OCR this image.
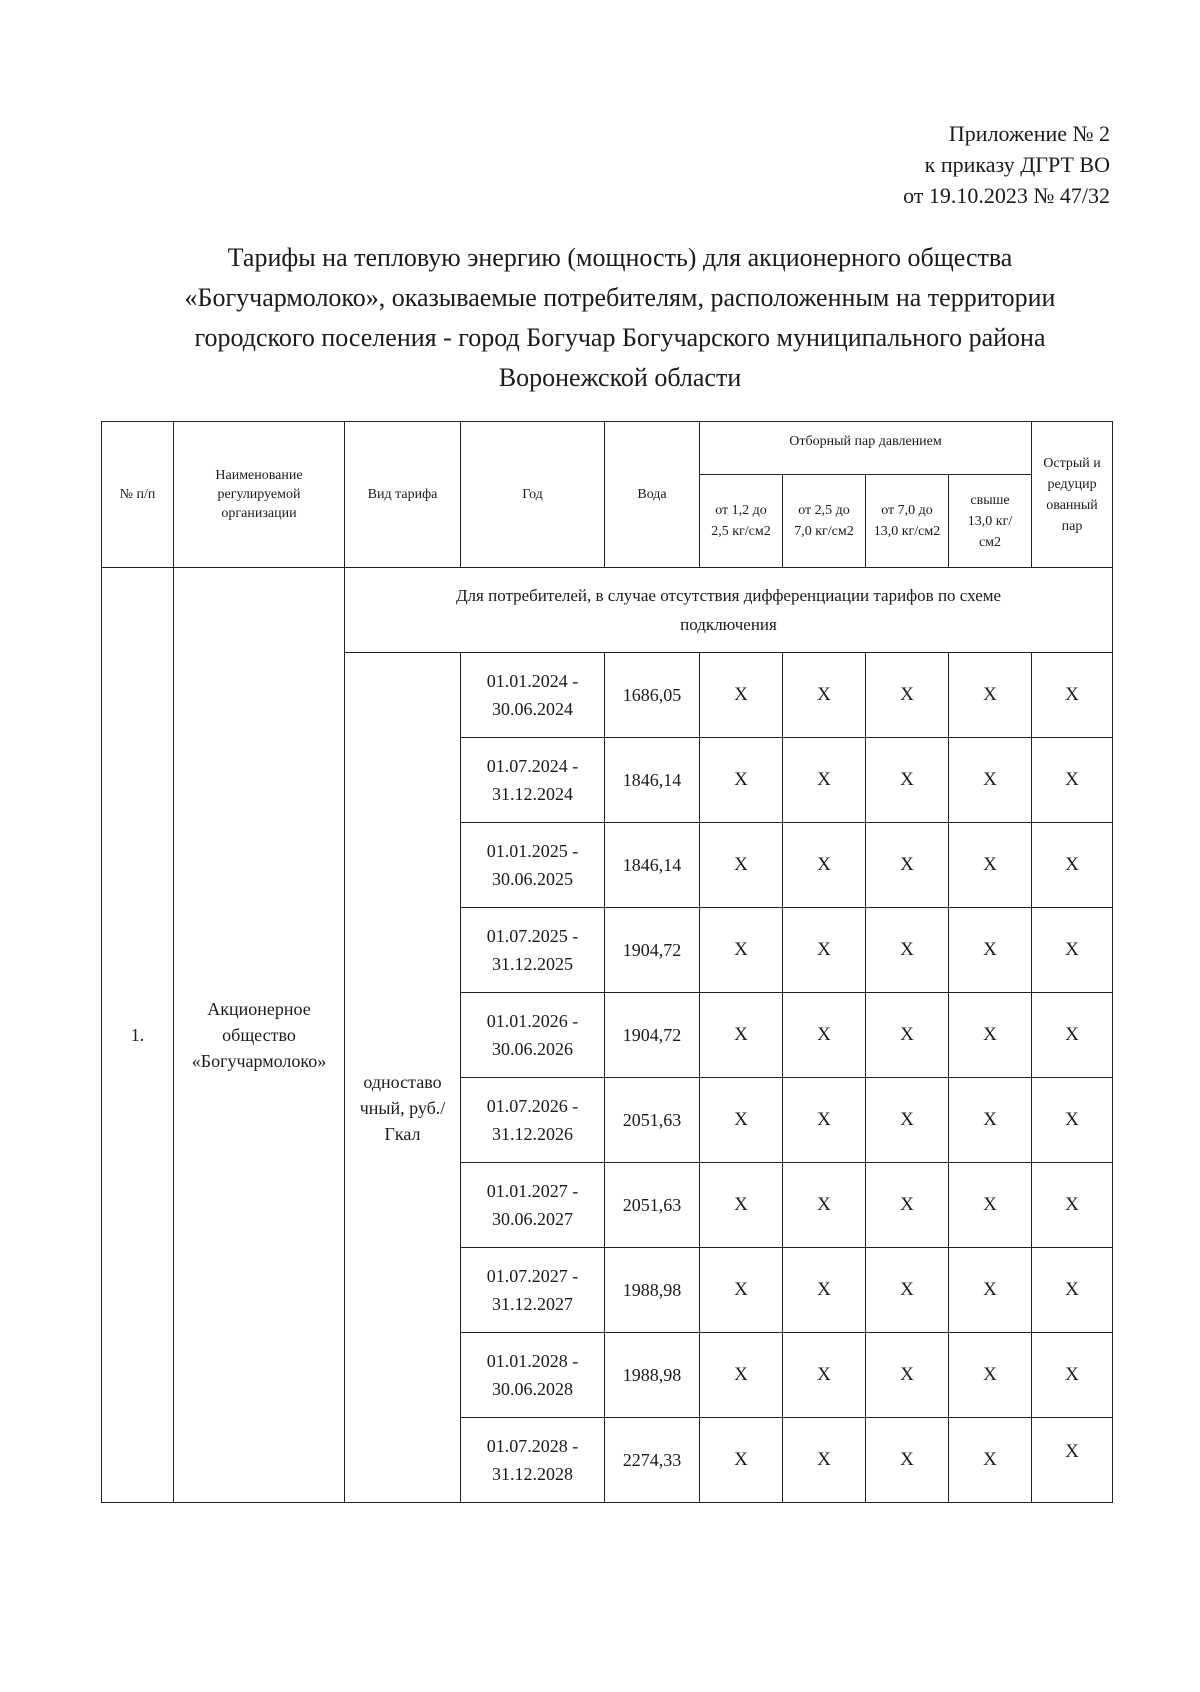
Приложение № 2
к приказу ДГРТ ВО
от 19.10.2023 № 47/32
Тарифы на тепловую энергию (мощность) для акционерного общества
«Богучармолоко», оказываемые потребителям, расположенным на территории
городского поселения - город Богучар Богучарского муниципального района
Воронежской области
№ п/п	Наименование регулируемой организации	Вид тарифа	Год	Вода	Отборный пар давлением				Острый и редуцир ованный пар
					от 1,2 до 2,5 кг/см2	от 2,5 до 7,0 кг/см2	от 7,0 до 13,0 кг/см2	свыше 13,0 кг/см2	
1.	Акционерное общество «Богучармолоко»	Для потребителей, в случае отсутствия дифференциации тарифов по схеме подключения							
		одноставо чный, руб./Гкал							
			01.01.2024 - 30.06.2024	1686,05	X	X	X	X	X
			01.07.2024 - 31.12.2024	1846,14	X	X	X	X	X
			01.01.2025 - 30.06.2025	1846,14	X	X	X	X	X
			01.07.2025 - 31.12.2025	1904,72	X	X	X	X	X
			01.01.2026 - 30.06.2026	1904,72	X	X	X	X	X
			01.07.2026 - 31.12.2026	2051,63	X	X	X	X	X
			01.01.2027 - 30.06.2027	2051,63	X	X	X	X	X
			01.07.2027 - 31.12.2027	1988,98	X	X	X	X	X
			01.01.2028 - 30.06.2028	1988,98	X	X	X	X	X
			01.07.2028 - 31.12.2028	2274,33	X	X	X	X	X
